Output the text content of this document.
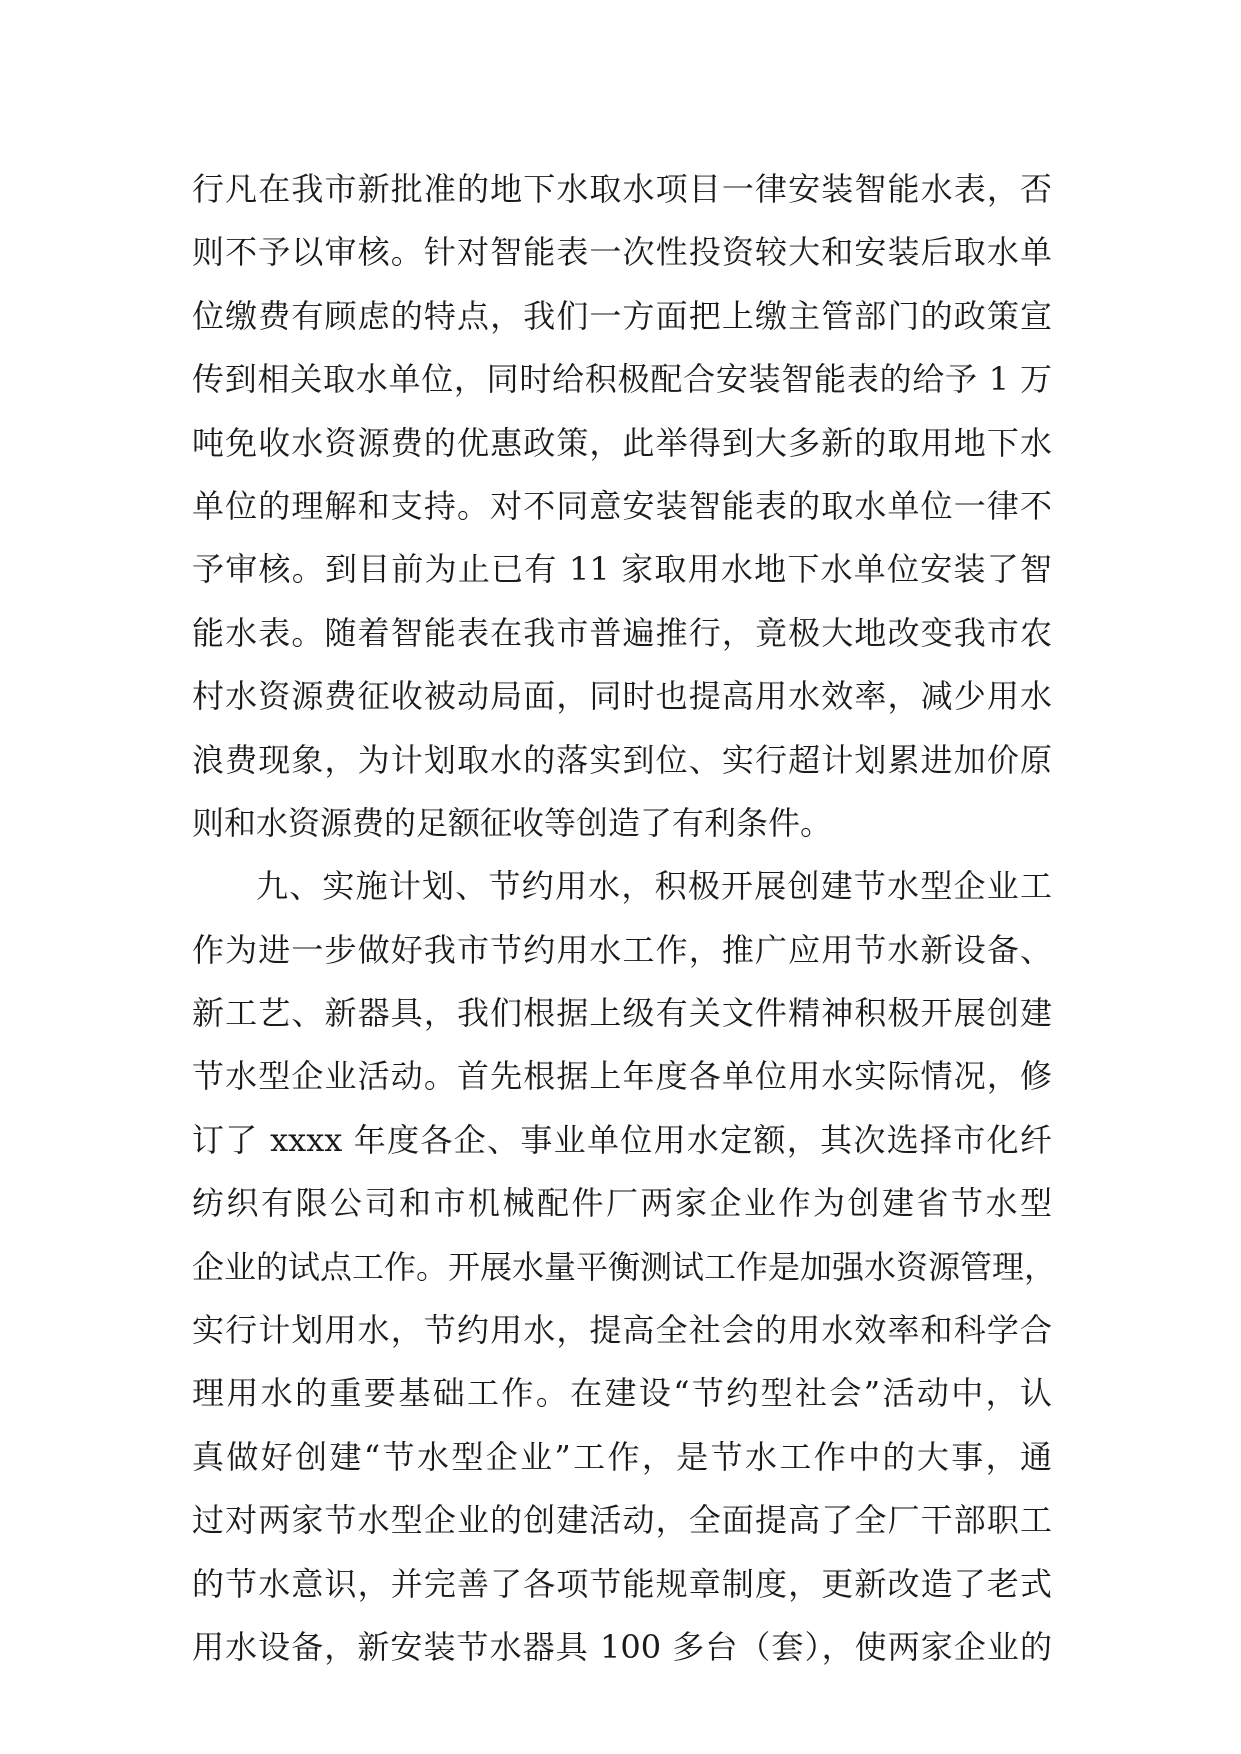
行凡在我市新批准的地下水取水项目一律安装智能水表，否
则不予以审核。针对智能表一次性投资较大和安装后取水单
位缴费有顾虑的特点，我们一方面把上缴主管部门的政策宣
传到相关取水单位，同时给积极配合安装智能表的给予 1 万
吨免收水资源费的优惠政策，此举得到大多新的取用地下水
单位的理解和支持。对不同意安装智能表的取水单位一律不
予审核。到目前为止已有 11 家取用水地下水单位安装了智
能水表。随着智能表在我市普遍推行，竟极大地改变我市农
村水资源费征收被动局面，同时也提高用水效率，减少用水
浪费现象，为计划取水的落实到位、实行超计划累进加价原
则和水资源费的足额征收等创造了有利条件。
九、实施计划、节约用水，积极开展创建节水型企业工
作为进一步做好我市节约用水工作，推广应用节水新设备、
新工艺、新器具，我们根据上级有关文件精神积极开展创建
节水型企业活动。首先根据上年度各单位用水实际情况，修
订了 xxxx 年度各企、事业单位用水定额，其次选择市化纤
纺织有限公司和市机械配件厂两家企业作为创建省节水型
企业的试点工作。开展水量平衡测试工作是加强水资源管理，
实行计划用水，节约用水，提高全社会的用水效率和科学合
理用水的重要基础工作。在建设“节约型社会”活动中，认
真做好创建“节水型企业”工作，是节水工作中的大事，通
过对两家节水型企业的创建活动，全面提高了全厂干部职工
的节水意识，并完善了各项节能规章制度，更新改造了老式
用水设备，新安装节水器具 100 多台（套），使两家企业的
